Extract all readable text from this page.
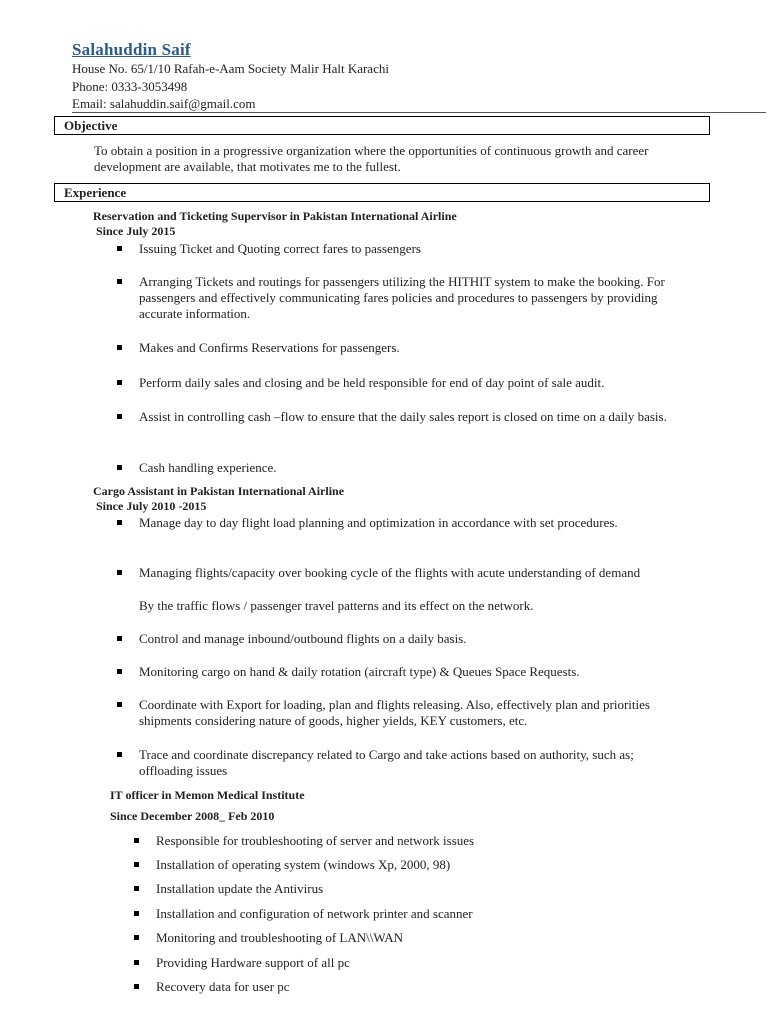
Salahuddin Saif
House No. 65/1/10 Rafah-e-Aam Society Malir Halt Karachi
Phone: 0333-3053498
Email: salahuddin.saif@gmail.com
Objective
To obtain a position in a progressive organization where the opportunities of continuous growth and career development are available, that motivates me to the fullest.
Experience
Reservation and Ticketing Supervisor in Pakistan International Airline
Since July 2015
Issuing Ticket and Quoting correct fares to passengers
Arranging Tickets and routings for passengers utilizing the HITHIT system to make the booking. For passengers and effectively communicating fares policies and procedures to passengers by providing accurate information.
Makes and Confirms Reservations for passengers.
Perform daily sales and closing and be held responsible for end of day point of sale audit.
Assist in controlling cash –flow to ensure that the daily sales report is closed on time on a daily basis.
Cash handling experience.
Cargo Assistant in Pakistan International Airline
Since July 2010 -2015
Manage day to day flight load planning and optimization in accordance with set procedures.
Managing flights/capacity over booking cycle of the flights with acute understanding of demand
By the traffic flows / passenger travel patterns and its effect on the network.
Control and manage inbound/outbound flights on a daily basis.
Monitoring cargo on hand & daily rotation (aircraft type) & Queues Space Requests.
Coordinate with Export for loading, plan and flights releasing. Also, effectively plan and priorities shipments considering nature of goods, higher yields, KEY customers, etc.
Trace and coordinate discrepancy related to Cargo and take actions based on authority, such as; offloading issues
IT officer in Memon Medical Institute
Since December 2008_ Feb 2010
Responsible for troubleshooting of server and network issues
Installation of operating system (windows Xp, 2000, 98)
Installation update the Antivirus
Installation and configuration of network printer and scanner
Monitoring and troubleshooting of LAN\\WAN
Providing Hardware support of all pc
Recovery data for user pc
